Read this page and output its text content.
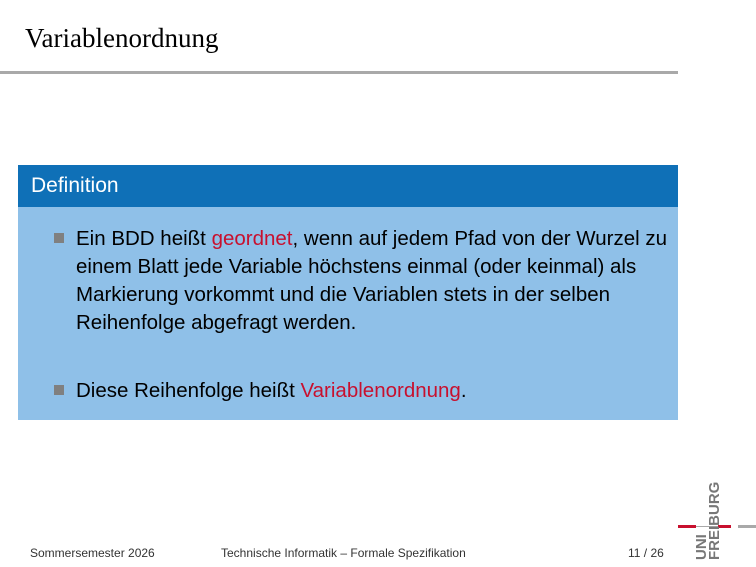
Variablenordnung
Definition
Ein BDD heißt geordnet, wenn auf jedem Pfad von der Wurzel zu einem Blatt jede Variable höchstens einmal (oder keinmal) als Markierung vorkommt und die Variablen stets in der selben Reihenfolge abgefragt werden.
Diese Reihenfolge heißt Variablenordnung.
Sommersemester 2026	Technische Informatik – Formale Spezifikation	11 / 26 UNI
FREIBURG
